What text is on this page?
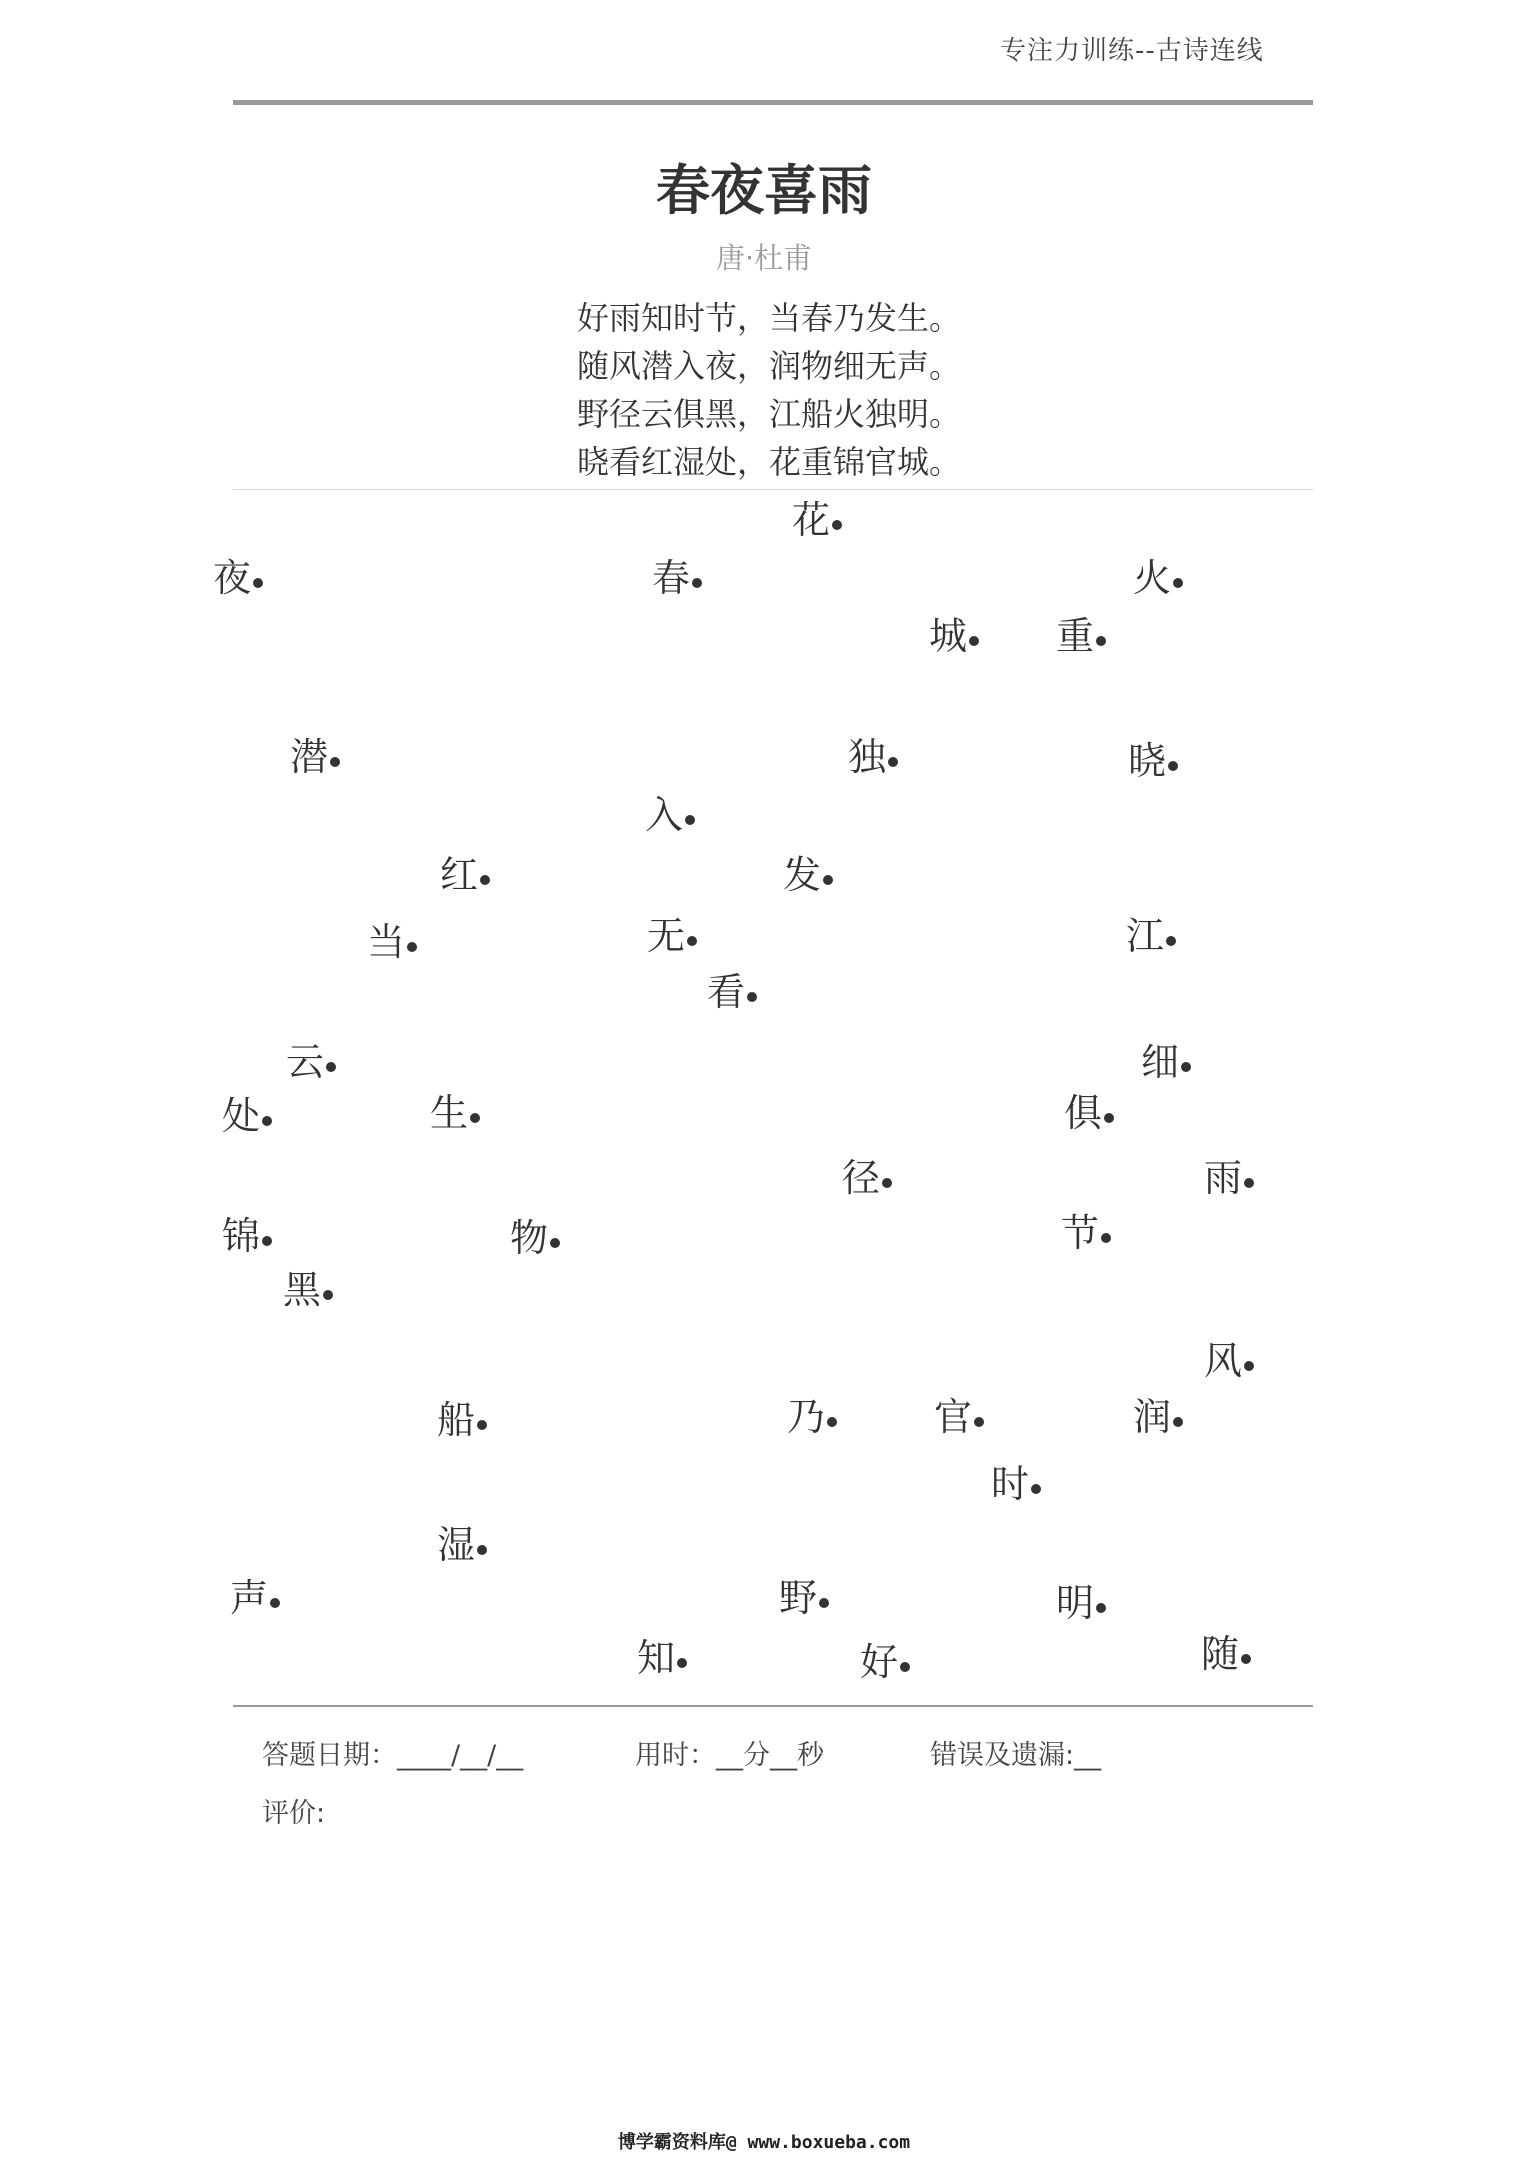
专注力训练--古诗连线
春夜喜雨
唐·杜甫
好雨知时节，当春乃发生。
随风潜入夜，润物细无声。
野径云俱黑，江船火独明。
晓看红湿处，花重锦官城。
花
夜	春	火
城 重
潜	独	晓
入
红	发
当	无	江
看
云	细
处	生	俱
径	雨
锦	物	节
黑
风
船	乃	官	润
时
湿
声	野	明
知	好	随
答题日期：____/__/__	用时：__分__秒	错误及遗漏:__
评价:
博学霸资料库@ www.boxueba.com
